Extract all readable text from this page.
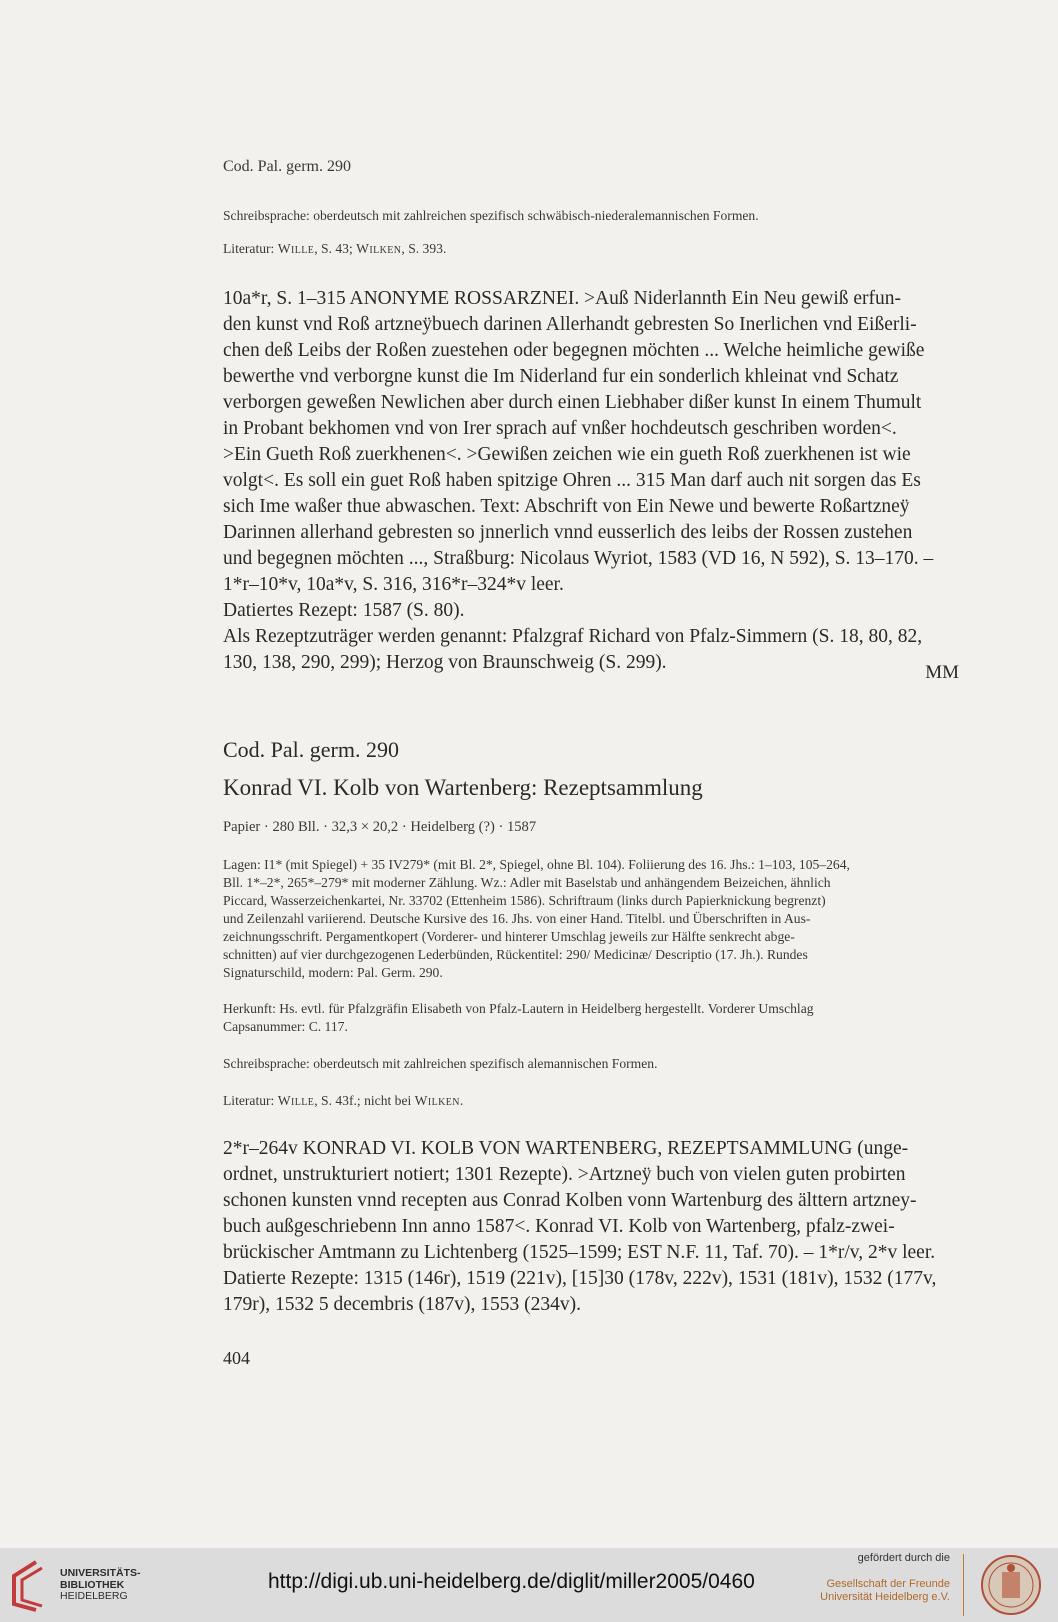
Cod. Pal. germ. 290
Schreibsprache: oberdeutsch mit zahlreichen spezifisch schwäbisch-niederalemannischen Formen.
Literatur: Wille, S. 43; Wilken, S. 393.
10a*r, S. 1–315 ANONYME ROSSARZNEI. >Auß Niderlannth Ein Neu gewiß erfun-
den kunst vnd Roß artzneÿbuech darinen Allerhandt gebresten So Inerlichen vnd Eißerli-
chen deß Leibs der Roßen zuestehen oder begegnen möchten ... Welche heimliche gewiße
bewerthe vnd verborgne kunst die Im Niderland fur ein sonderlich khleinat vnd Schatz
verborgen geweßen Newlichen aber durch einen Liebhaber dißer kunst In einem Thumult
in Probant bekhomen vnd von Irer sprach auf vnßer hochdeutsch geschriben worden<.
>Ein Gueth Roß zuerkhenen<. >Gewißen zeichen wie ein gueth Roß zuerkhenen ist wie
volgt<. Es soll ein guet Roß haben spitzige Ohren ... 315 Man darf auch nit sorgen das Es
sich Ime waßer thue abwaschen. Text: Abschrift von Ein Newe und bewerte Roßartzneÿ
Darinnen allerhand gebresten so jnnerlich vnnd eusserlich des leibs der Rossen zustehen
und begegnen möchten ..., Straßburg: Nicolaus Wyriot, 1583 (VD 16, N 592), S. 13–170. –
1*r–10*v, 10a*v, S. 316, 316*r–324*v leer.
Datiertes Rezept: 1587 (S. 80).
Als Rezeptzuträger werden genannt: Pfalzgraf Richard von Pfalz-Simmern (S. 18, 80, 82,
130, 138, 290, 299); Herzog von Braunschweig (S. 299).	MM
Cod. Pal. germ. 290
Konrad VI. Kolb von Wartenberg: Rezeptsammlung
Papier · 280 Bll. · 32,3 × 20,2 · Heidelberg (?) · 1587
Lagen: I1* (mit Spiegel) + 35 IV279* (mit Bl. 2*, Spiegel, ohne Bl. 104). Foliierung des 16. Jhs.: 1–103, 105–264,
Bll. 1*–2*, 265*–279* mit moderner Zählung. Wz.: Adler mit Baselstab und anhängendem Beizeichen, ähnlich
Piccard, Wasserzeichenkartei, Nr. 33702 (Ettenheim 1586). Schriftraum (links durch Papierknickung begrenzt)
und Zeilenzahl variierend. Deutsche Kursive des 16. Jhs. von einer Hand. Titelbl. und Überschriften in Aus-
zeichnungsschrift. Pergamentkopert (Vorderer- und hinterer Umschlag jeweils zur Hälfte senkrecht abge-
schnitten) auf vier durchgezogenen Lederbünden, Rückentitel: 290/ Medicinæ/ Descriptio (17. Jh.). Rundes
Signaturschild, modern: Pal. Germ. 290.
Herkunft: Hs. evtl. für Pfalzgräfin Elisabeth von Pfalz-Lautern in Heidelberg hergestellt. Vorderer Umschlag
Capsanummer: C. 117.
Schreibsprache: oberdeutsch mit zahlreichen spezifisch alemannischen Formen.
Literatur: Wille, S. 43f.; nicht bei Wilken.
2*r–264v KONRAD VI. KOLB VON WARTENBERG, REZEPTSAMMLUNG (unge-
ordnet, unstrukturiert notiert; 1301 Rezepte). >Artzneÿ buch von vielen guten probirten
schonen kunsten vnnd recepten aus Conrad Kolben vonn Wartenburg des älttern artzney-
buch außgeschriebenn Inn anno 1587<. Konrad VI. Kolb von Wartenberg, pfalz-zwei-
brückischer Amtmann zu Lichtenberg (1525–1599; EST N.F. 11, Taf. 70). – 1*r/v, 2*v leer.
Datierte Rezepte: 1315 (146r), 1519 (221v), [15]30 (178v, 222v), 1531 (181v), 1532 (177v,
179r), 1532 5 decembris (187v), 1553 (234v).
404
UNIVERSITÄTS-
BIBLIOTHEK
HEIDELBERG
http://digi.ub.uni-heidelberg.de/diglit/miller2005/0460
gefördert durch die
Gesellschaft der Freunde
Universität Heidelberg e.V.
